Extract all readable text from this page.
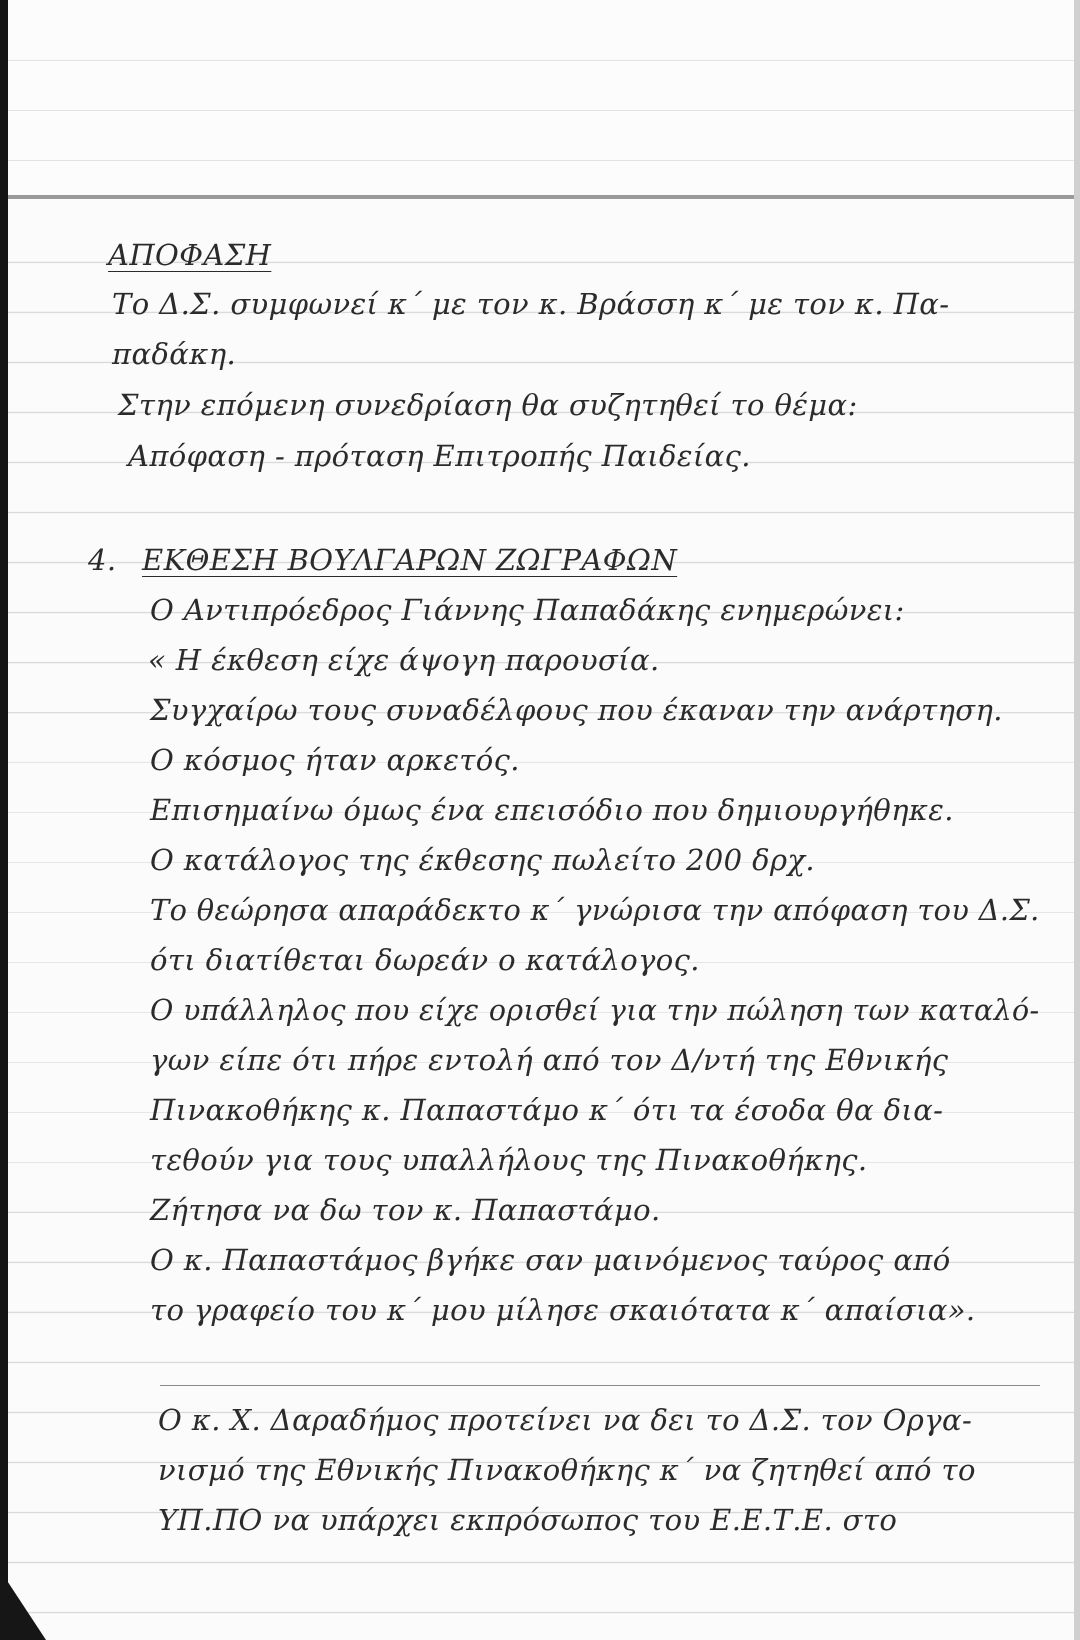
ΑΠΟΦΑΣΗ
Το Δ.Σ. συμφωνεί κ΄ με τον κ. Βράσση κ΄ με τον κ. Πα-
παδάκη.
Στην επόμενη συνεδρίαση θα συζητηθεί το θέμα:
Απόφαση - πρόταση Επιτροπής Παιδείας.
4. ΕΚΘΕΣΗ ΒΟΥΛΓΑΡΩΝ ΖΩΓΡΑΦΩΝ
Ο Αντιπρόεδρος Γιάννης Παπαδάκης ενημερώνει:
« Η έκθεση είχε άψογη παρουσία.
Συγχαίρω τους συναδέλφους που έκαναν την ανάρτηση.
Ο κόσμος ήταν αρκετός.
Επισημαίνω όμως ένα επεισόδιο που δημιουργήθηκε.
Ο κατάλογος της έκθεσης πωλείτο 200 δρχ.
Το θεώρησα απαράδεκτο κ΄ γνώρισα την απόφαση του Δ.Σ.
ότι διατίθεται δωρεάν ο κατάλογος.
Ο υπάλληλος που είχε ορισθεί για την πώληση των καταλό-
γων είπε ότι πήρε εντολή από τον Δ/ντή της Εθνικής
Πινακοθήκης κ. Παπαστάμο κ΄ ότι τα έσοδα θα δια-
τεθούν για τους υπαλλήλους της Πινακοθήκης.
Ζήτησα να δω τον κ. Παπαστάμο.
Ο κ. Παπαστάμος βγήκε σαν μαινόμενος ταύρος από
το γραφείο του κ΄ μου μίλησε σκαιότατα κ΄ απαίσια».
Ο κ. Χ. Δαραδήμος προτείνει να δει το Δ.Σ. τον Οργα-
νισμό της Εθνικής Πινακοθήκης κ΄ να ζητηθεί από το
ΥΠ.ΠΟ να υπάρχει εκπρόσωπος του Ε.Ε.Τ.Ε. στο
